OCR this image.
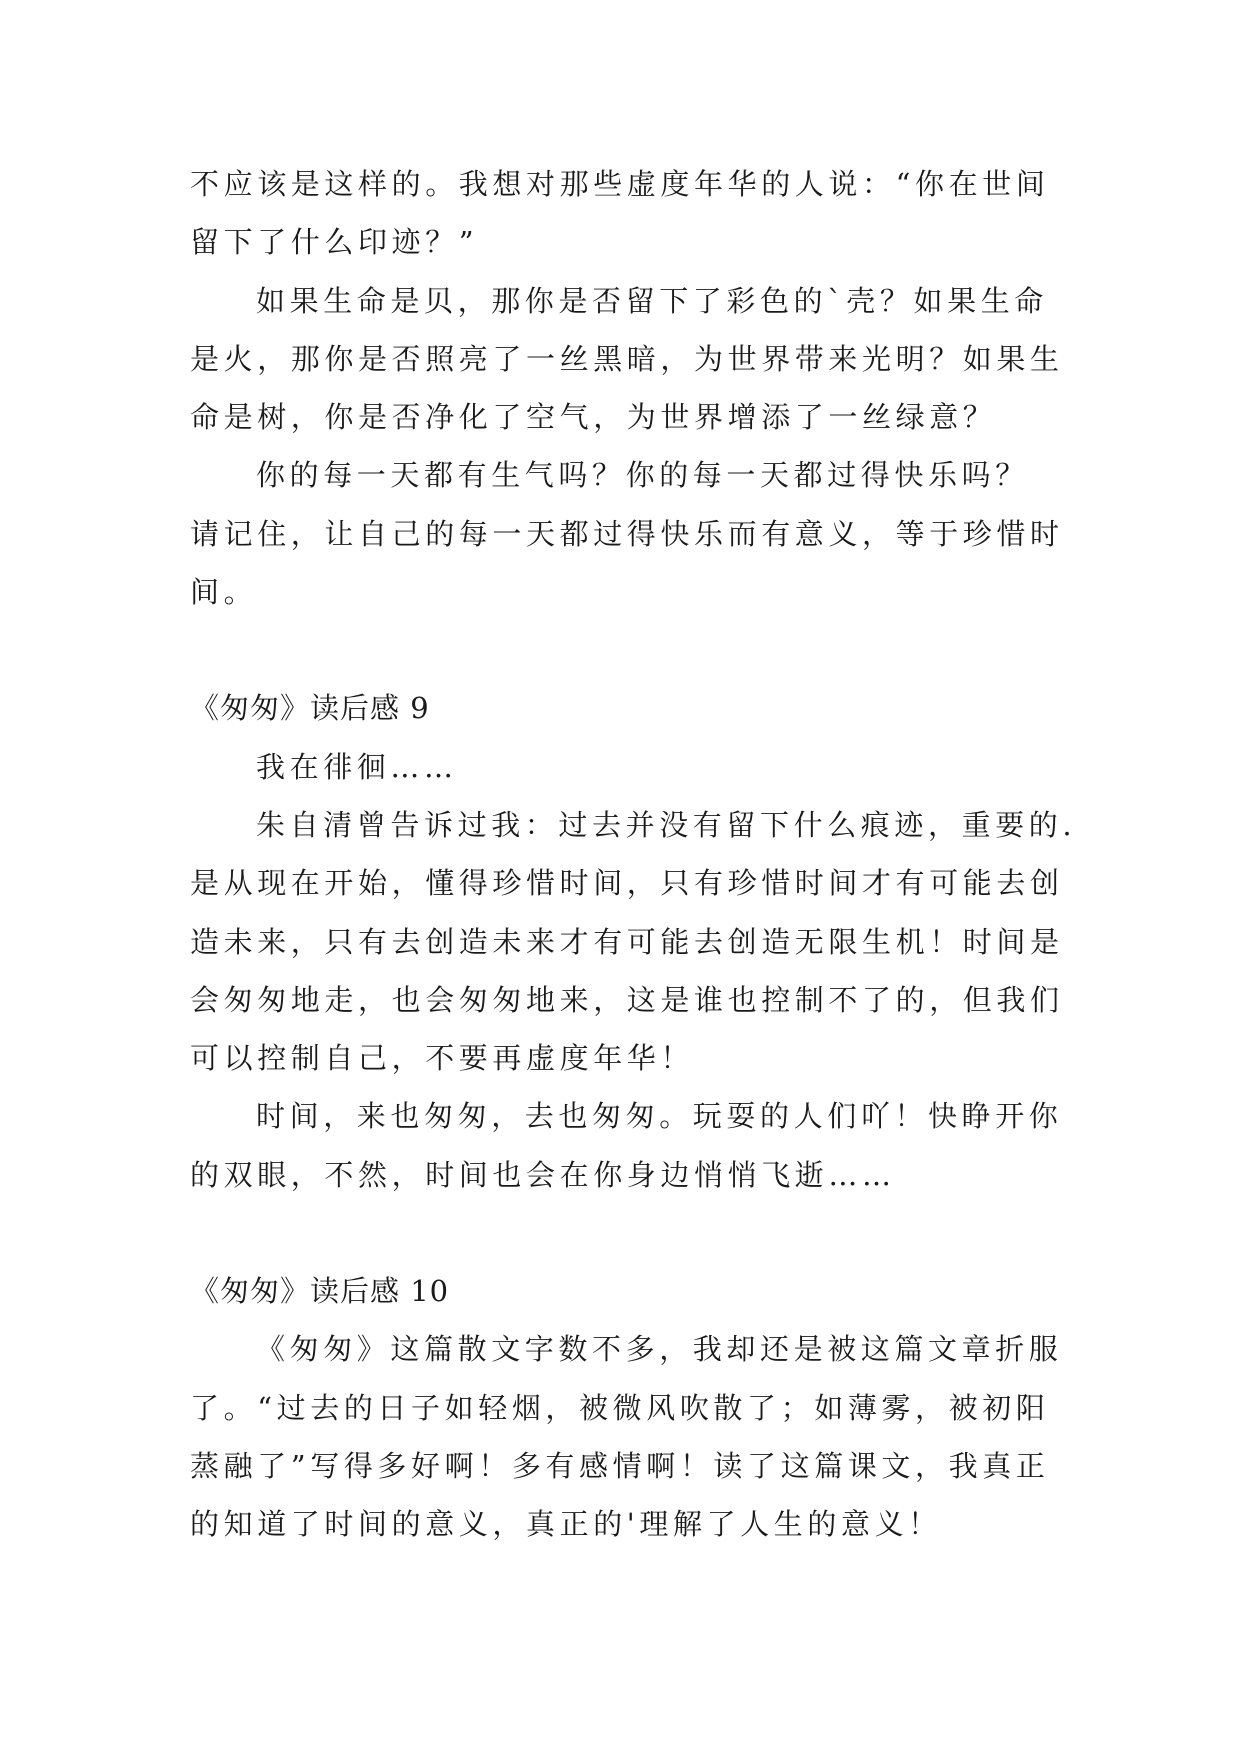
不应该是这样的。我想对那些虚度年华的人说：“你在世间
留下了什么印迹？”
如果生命是贝，那你是否留下了彩色的`壳？如果生命
是火，那你是否照亮了一丝黑暗，为世界带来光明？如果生
命是树，你是否净化了空气，为世界增添了一丝绿意？
你的每一天都有生气吗？你的每一天都过得快乐吗？
请记住，让自己的每一天都过得快乐而有意义，等于珍惜时
间。
《匆匆》读后感 9
我在徘徊……
朱自清曾告诉过我：过去并没有留下什么痕迹，重要的.
是从现在开始，懂得珍惜时间，只有珍惜时间才有可能去创
造未来，只有去创造未来才有可能去创造无限生机！时间是
会匆匆地走，也会匆匆地来，这是谁也控制不了的，但我们
可以控制自己，不要再虚度年华！
时间，来也匆匆，去也匆匆。玩耍的人们吖！快睁开你
的双眼，不然，时间也会在你身边悄悄飞逝……
《匆匆》读后感 10
《匆匆》这篇散文字数不多，我却还是被这篇文章折服
了。“过去的日子如轻烟，被微风吹散了；如薄雾，被初阳
蒸融了”写得多好啊！多有感情啊！读了这篇课文，我真正
的知道了时间的意义，真正的'理解了人生的意义！
